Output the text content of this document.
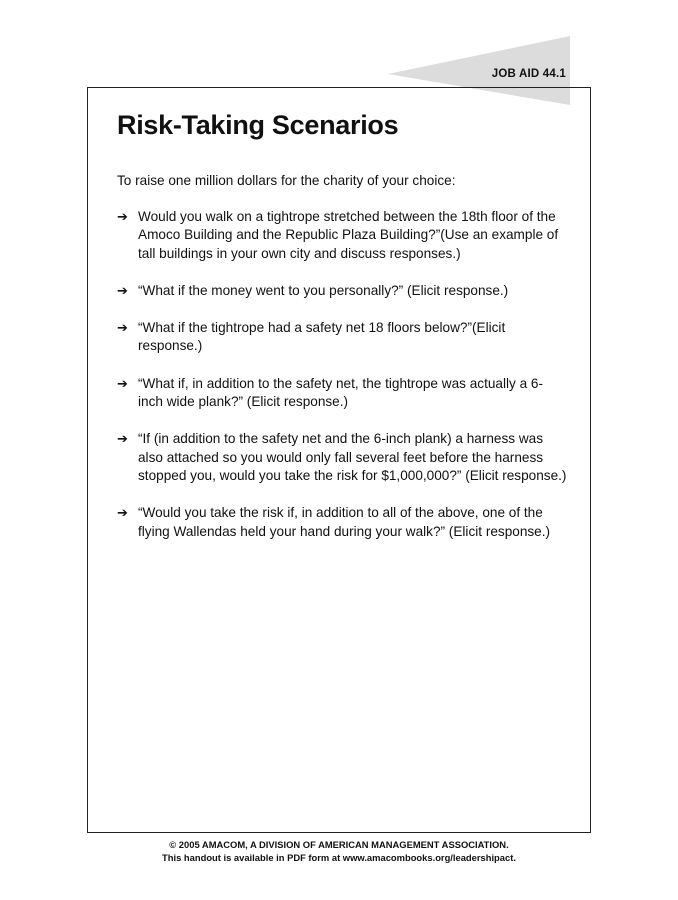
JOB AID 44.1
Risk-Taking Scenarios

To raise one million dollars for the charity of your choice:

➔ Would you walk on a tightrope stretched between the 18th floor of the Amoco Building and the Republic Plaza Building?”(Use an example of tall buildings in your own city and discuss responses.)
➔ “What if the money went to you personally?” (Elicit response.)
➔ “What if the tightrope had a safety net 18 floors below?”(Elicit response.)
➔ “What if, in addition to the safety net, the tightrope was actually a 6-inch wide plank?” (Elicit response.)
➔ “If (in addition to the safety net and the 6-inch plank) a harness was also attached so you would only fall several feet before the harness stopped you, would you take the risk for $1,000,000?” (Elicit response.)
➔ “Would you take the risk if, in addition to all of the above, one of the flying Wallendas held your hand during your walk?” (Elicit response.)
© 2005 AMACOM, A DIVISION OF AMERICAN MANAGEMENT ASSOCIATION.
This handout is available in PDF form at www.amacombooks.org/leadershipact.
